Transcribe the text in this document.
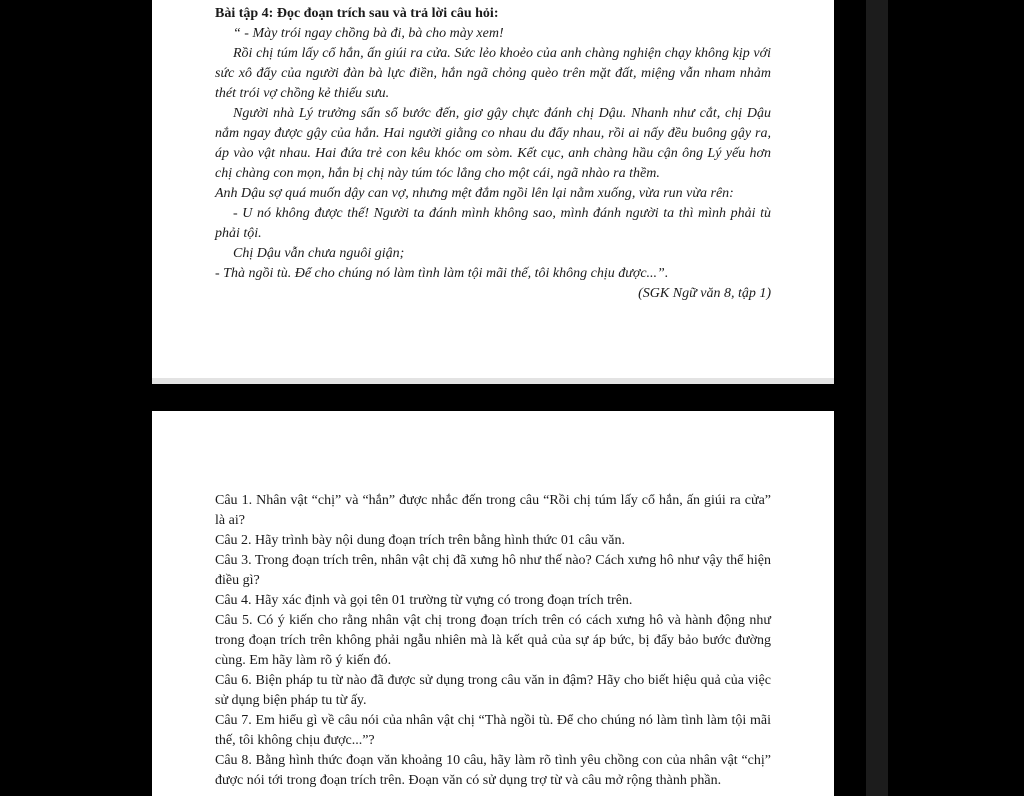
Bài tập 4: Đọc đoạn trích sau và trả lời câu hỏi:

“ - Mày trói ngay chồng bà đi, bà cho mày xem!

Rồi chị túm lấy cổ hắn, ấn giúi ra cửa. Sức lẻo khoẻo của anh chàng nghiện chạy không kịp với sức xô đẩy của người đàn bà lực điền, hắn ngã chỏng quèo trên mặt đất, miệng vẫn nham nhảm thét trói vợ chồng kẻ thiếu sưu.

Người nhà Lý trưởng sấn sổ bước đến, giơ gậy chực đánh chị Dậu. Nhanh như cắt, chị Dậu nắm ngay được gậy của hắn. Hai người giằng co nhau du đẩy nhau, rồi ai nấy đều buông gậy ra, áp vào vật nhau. Hai đứa trẻ con kêu khóc om sòm. Kết cục, anh chàng hầu cận ông Lý yếu hơn chị chàng con mọn, hắn bị chị này túm tóc lẳng cho một cái, ngã nhào ra thềm.

Anh Dậu sợ quá muốn dậy can vợ, nhưng mệt đắm ngồi lên lại nằm xuống, vừa run vừa rên:

- U nó không được thế! Người ta đánh mình không sao, mình đánh người ta thì mình phải tù phải tội.

Chị Dậu vẫn chưa nguôi giận;

- Thà ngồi tù. Để cho chúng nó làm tình làm tội mãi thế, tôi không chịu được...”.

(SGK Ngữ văn 8, tập 1)

Câu 1. Nhân vật “chị” và “hắn” được nhắc đến trong câu “Rồi chị túm lấy cổ hắn, ấn giúi ra cửa” là ai?

Câu 2. Hãy trình bày nội dung đoạn trích trên bằng hình thức 01 câu văn.

Câu 3. Trong đoạn trích trên, nhân vật chị đã xưng hô như thế nào? Cách xưng hô như vậy thể hiện điều gì?

Câu 4. Hãy xác định và gọi tên 01 trường từ vựng có trong đoạn trích trên.

Câu 5. Có ý kiến cho rằng nhân vật chị trong đoạn trích trên có cách xưng hô và hành động như trong đoạn trích trên không phải ngẫu nhiên mà là kết quả của sự áp bức, bị đẩy bảo bước đường cùng. Em hãy làm rõ ý kiến đó.

Câu 6. Biện pháp tu từ nào đã được sử dụng trong câu văn in đậm? Hãy cho biết hiệu quả của việc sử dụng biện pháp tu từ ấy.

Câu 7. Em hiểu gì về câu nói của nhân vật chị “Thà ngồi tù. Để cho chúng nó làm tình làm tội mãi thế, tôi không chịu được...”?

Câu 8. Bằng hình thức đoạn văn khoảng 10 câu, hãy làm rõ tình yêu chồng con của nhân vật “chị” được nói tới trong đoạn trích trên. Đoạn văn có sử dụng trợ từ và câu mở rộng thành phần.
